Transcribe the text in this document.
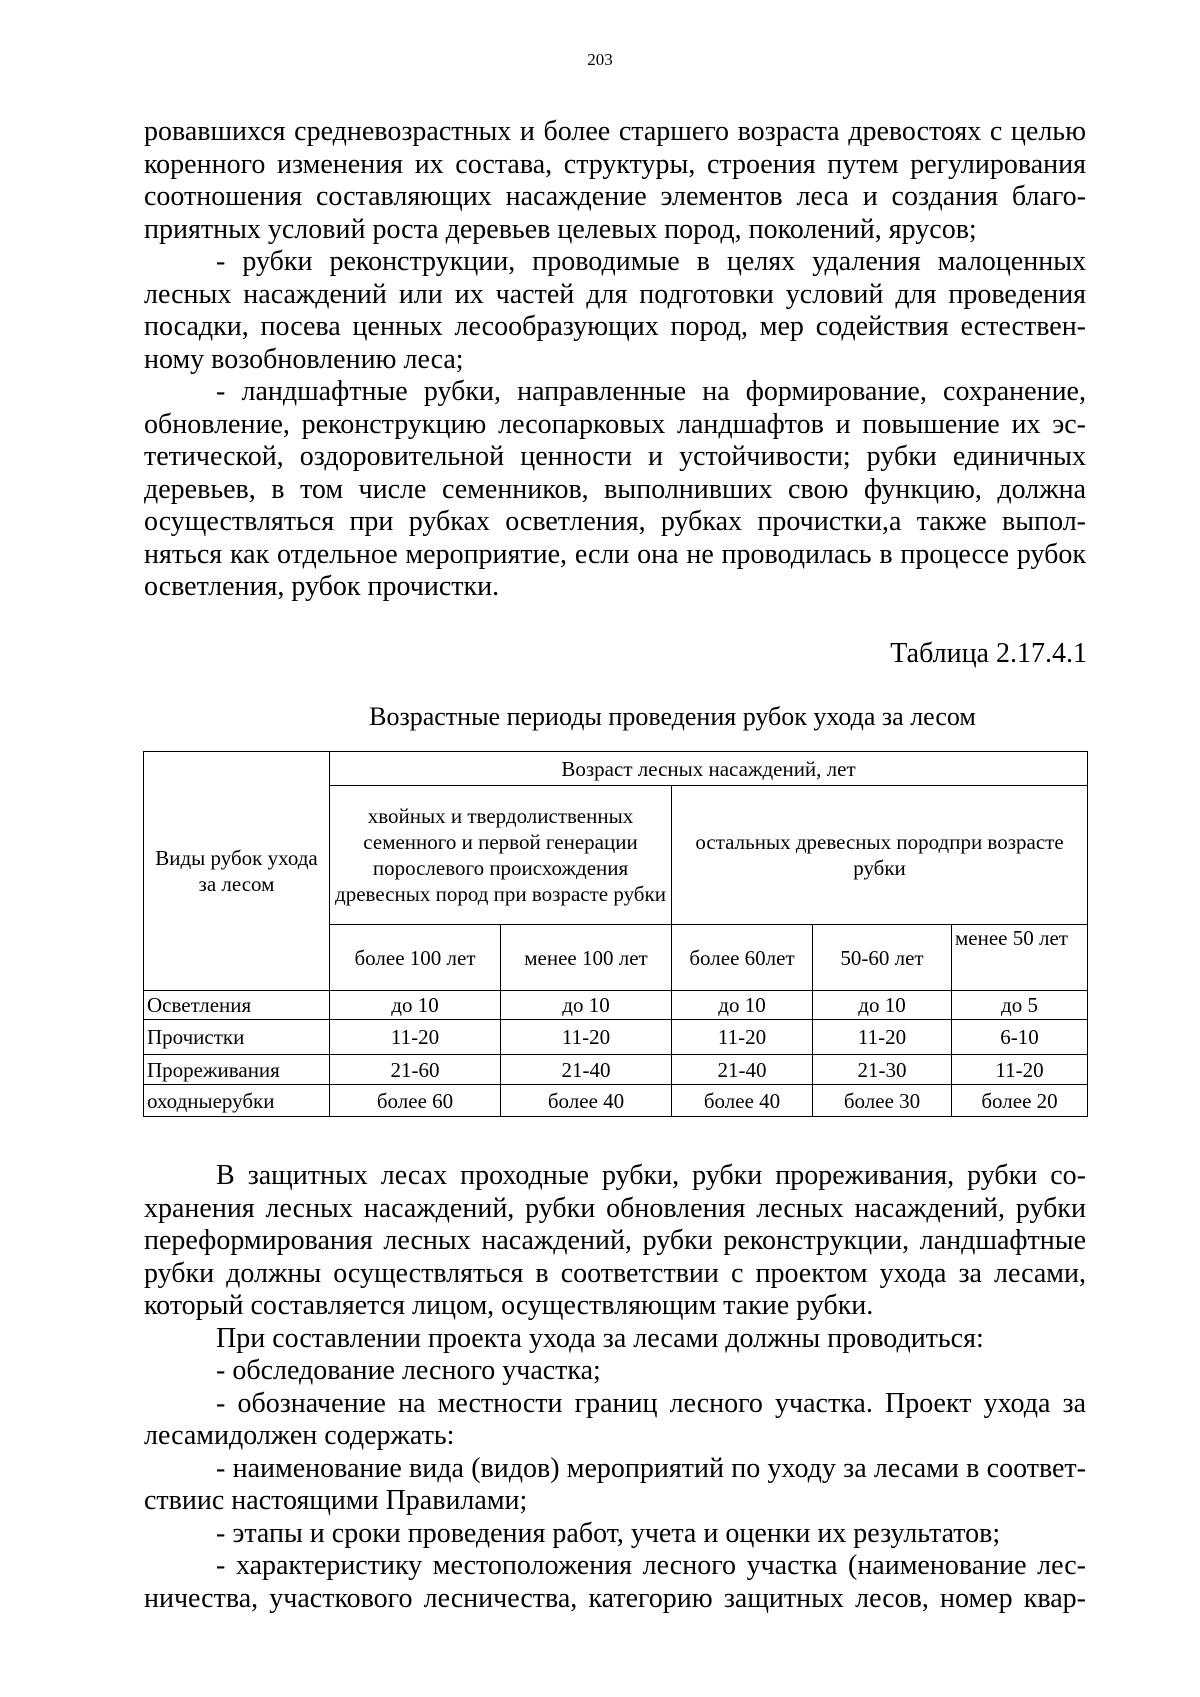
203

ровавшихся средневозрастных и более старшего возраста древостоях с целью

коренного изменения их состава, структуры, строения путем регулирования

соотношения составляющих насаждение элементов леса и создания благо-

приятных условий роста деревьев целевых пород, поколений, ярусов;

- рубки реконструкции, проводимые в целях удаления малоценных

лесных насаждений или их частей для подготовки условий для проведения

посадки, посева ценных лесообразующих пород, мер содействия естествен-

ному возобновлению леса;

- ландшафтные рубки, направленные на формирование, сохранение,

обновление, реконструкцию лесопарковых ландшафтов и повышение их эс-

тетической, оздоровительной ценности и устойчивости; рубки единичных

деревьев, в том числе семенников, выполнивших свою функцию, должна

осуществляться при рубках осветления, рубках прочистки,а также выпол-

няться как отдельное мероприятие, если она не проводилась в процессе рубок

осветления, рубок прочистки.

Таблица 2.17.4.1
Возрастные периоды проведения рубок ухода за лесом
Виды рубок ухода за лесом	Возраст лесных насаждений, лет				
	хвойных и твердолиственных семенного и первой генерации порослевого происхождения древесных пород при возрасте рубки		остальных древесных породпри возрасте рубки		
	более 100 лет	менее 100 лет	более 60лет	50-60 лет	менее 50 лет
Осветления	до 10	до 10	до 10	до 10	до 5
Прочистки	11-20	11-20	11-20	11-20	6-10
Прореживания	21-60	21-40	21-40	21-30	11-20
оходныерубки	более 60	более 40	более 40	более 30	более 20

В защитных лесах проходные рубки, рубки прореживания, рубки со-

хранения лесных насаждений, рубки обновления лесных насаждений, рубки

переформирования лесных насаждений, рубки реконструкции, ландшафтные

рубки должны осуществляться в соответствии с проектом ухода за лесами,

который составляется лицом, осуществляющим такие рубки.

При составлении проекта ухода за лесами должны проводиться:

- обследование лесного участка;

- обозначение на местности границ лесного участка. Проект ухода за

лесамидолжен содержать:

- наименование вида (видов) мероприятий по уходу за лесами в соответ-

ствиис настоящими Правилами;

- этапы и сроки проведения работ, учета и оценки их результатов;

- характеристику местоположения лесного участка (наименование лес-

ничества, участкового лесничества, категорию защитных лесов, номер квар-
